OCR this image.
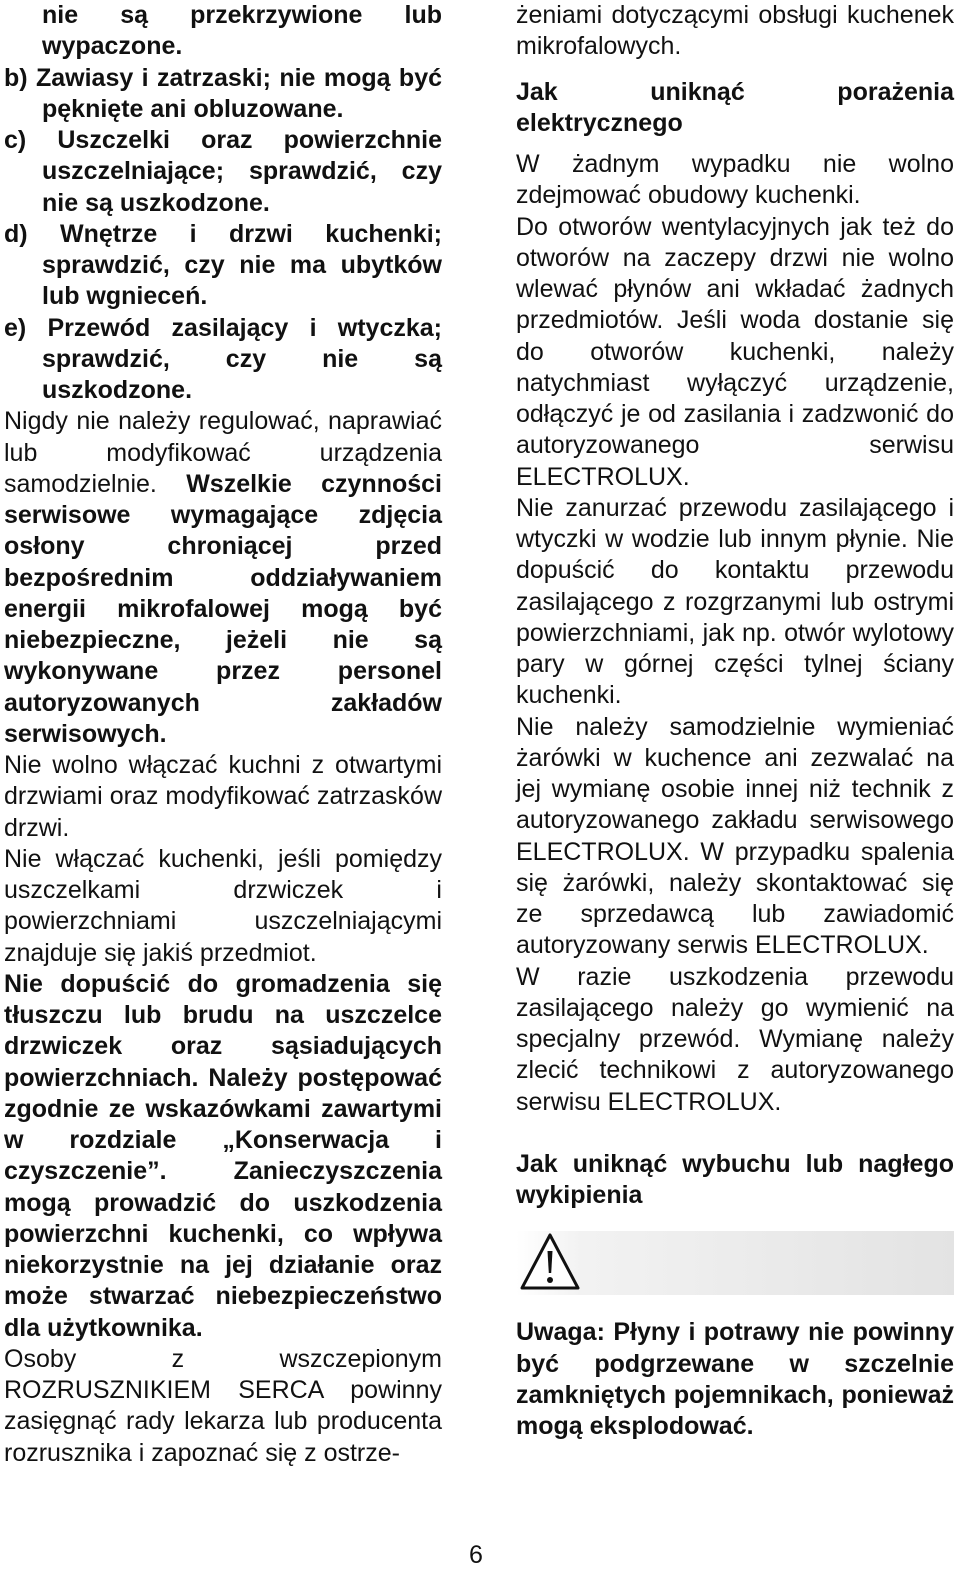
nie są przekrzywione lub wypaczone.

b) Zawiasy i zatrzaski; nie mogą być pęknięte ani obluzowane.

c) Uszczelki oraz powierzchnie uszczelniające; sprawdzić, czy nie są uszkodzone.

d) Wnętrze i drzwi kuchenki; sprawdzić, czy nie ma ubytków lub wgnieceń.

e) Przewód zasilający i wtyczka; sprawdzić, czy nie są uszkodzone.

Nigdy nie należy regulować, naprawiać lub modyfikować urządzenia samodzielnie. Wszelkie czynności serwisowe wymagające zdjęcia osłony chroniącej przed bezpośrednim oddziaływaniem energii mikrofalowej mogą być niebezpieczne, jeżeli nie są wykonywane przez personel autoryzowanych zakładów serwisowych.

Nie wolno włączać kuchni z otwartymi drzwiami oraz modyfikować zatrzasków drzwi.

Nie włączać kuchenki, jeśli pomiędzy uszczelkami drzwiczek i powierzchniami uszczelniającymi znajduje się jakiś przedmiot.

Nie dopuścić do gromadzenia się tłuszczu lub brudu na uszczelce drzwiczek oraz sąsiadujących powierzchniach. Należy postępować zgodnie ze wskazówkami zawartymi w rozdziale „Konserwacja i czyszczenie”. Zanieczyszczenia mogą prowadzić do uszkodzenia powierzchni kuchenki, co wpływa niekorzystnie na jej działanie oraz może stwarzać niebezpieczeństwo dla użytkownika.

Osoby z wszczepionym ROZRUSZNIKIEM SERCA powinny zasięgnąć rady lekarza lub producenta rozrusznika i zapoznać się z ostrze-

żeniami dotyczącymi obsługi kuchenek mikrofalowych.

Jak uniknąć porażenia elektrycznego

W żadnym wypadku nie wolno zdejmować obudowy kuchenki.

Do otworów wentylacyjnych jak też do otworów na zaczepy drzwi nie wolno wlewać płynów ani wkładać żadnych przedmiotów. Jeśli woda dostanie się do otworów kuchenki, należy natychmiast wyłączyć urządzenie, odłączyć je od zasilania i zadzwonić do autoryzowanego serwisu ELECTROLUX.

Nie zanurzać przewodu zasilającego i wtyczki w wodzie lub innym płynie. Nie dopuścić do kontaktu przewodu zasilającego z rozgrzanymi lub ostrymi powierzchniami, jak np. otwór wylotowy pary w górnej części tylnej ściany kuchenki.

Nie należy samodzielnie wymieniać żarówki w kuchence ani zezwalać na jej wymianę osobie innej niż technik z autoryzowanego zakładu serwisowego ELECTROLUX. W przypadku spalenia się żarówki, należy skontaktować się ze sprzedawcą lub zawiadomić autoryzowany serwis ELECTROLUX.

W razie uszkodzenia przewodu zasilającego należy go wymienić na specjalny przewód. Wymianę należy zlecić technikowi z autoryzowanego serwisu ELECTROLUX.

Jak uniknąć wybuchu lub nagłego wykipienia

Uwaga: Płyny i potrawy nie powinny być podgrzewane w szczelnie zamkniętych pojemnikach, ponieważ mogą eksplodować.

6
